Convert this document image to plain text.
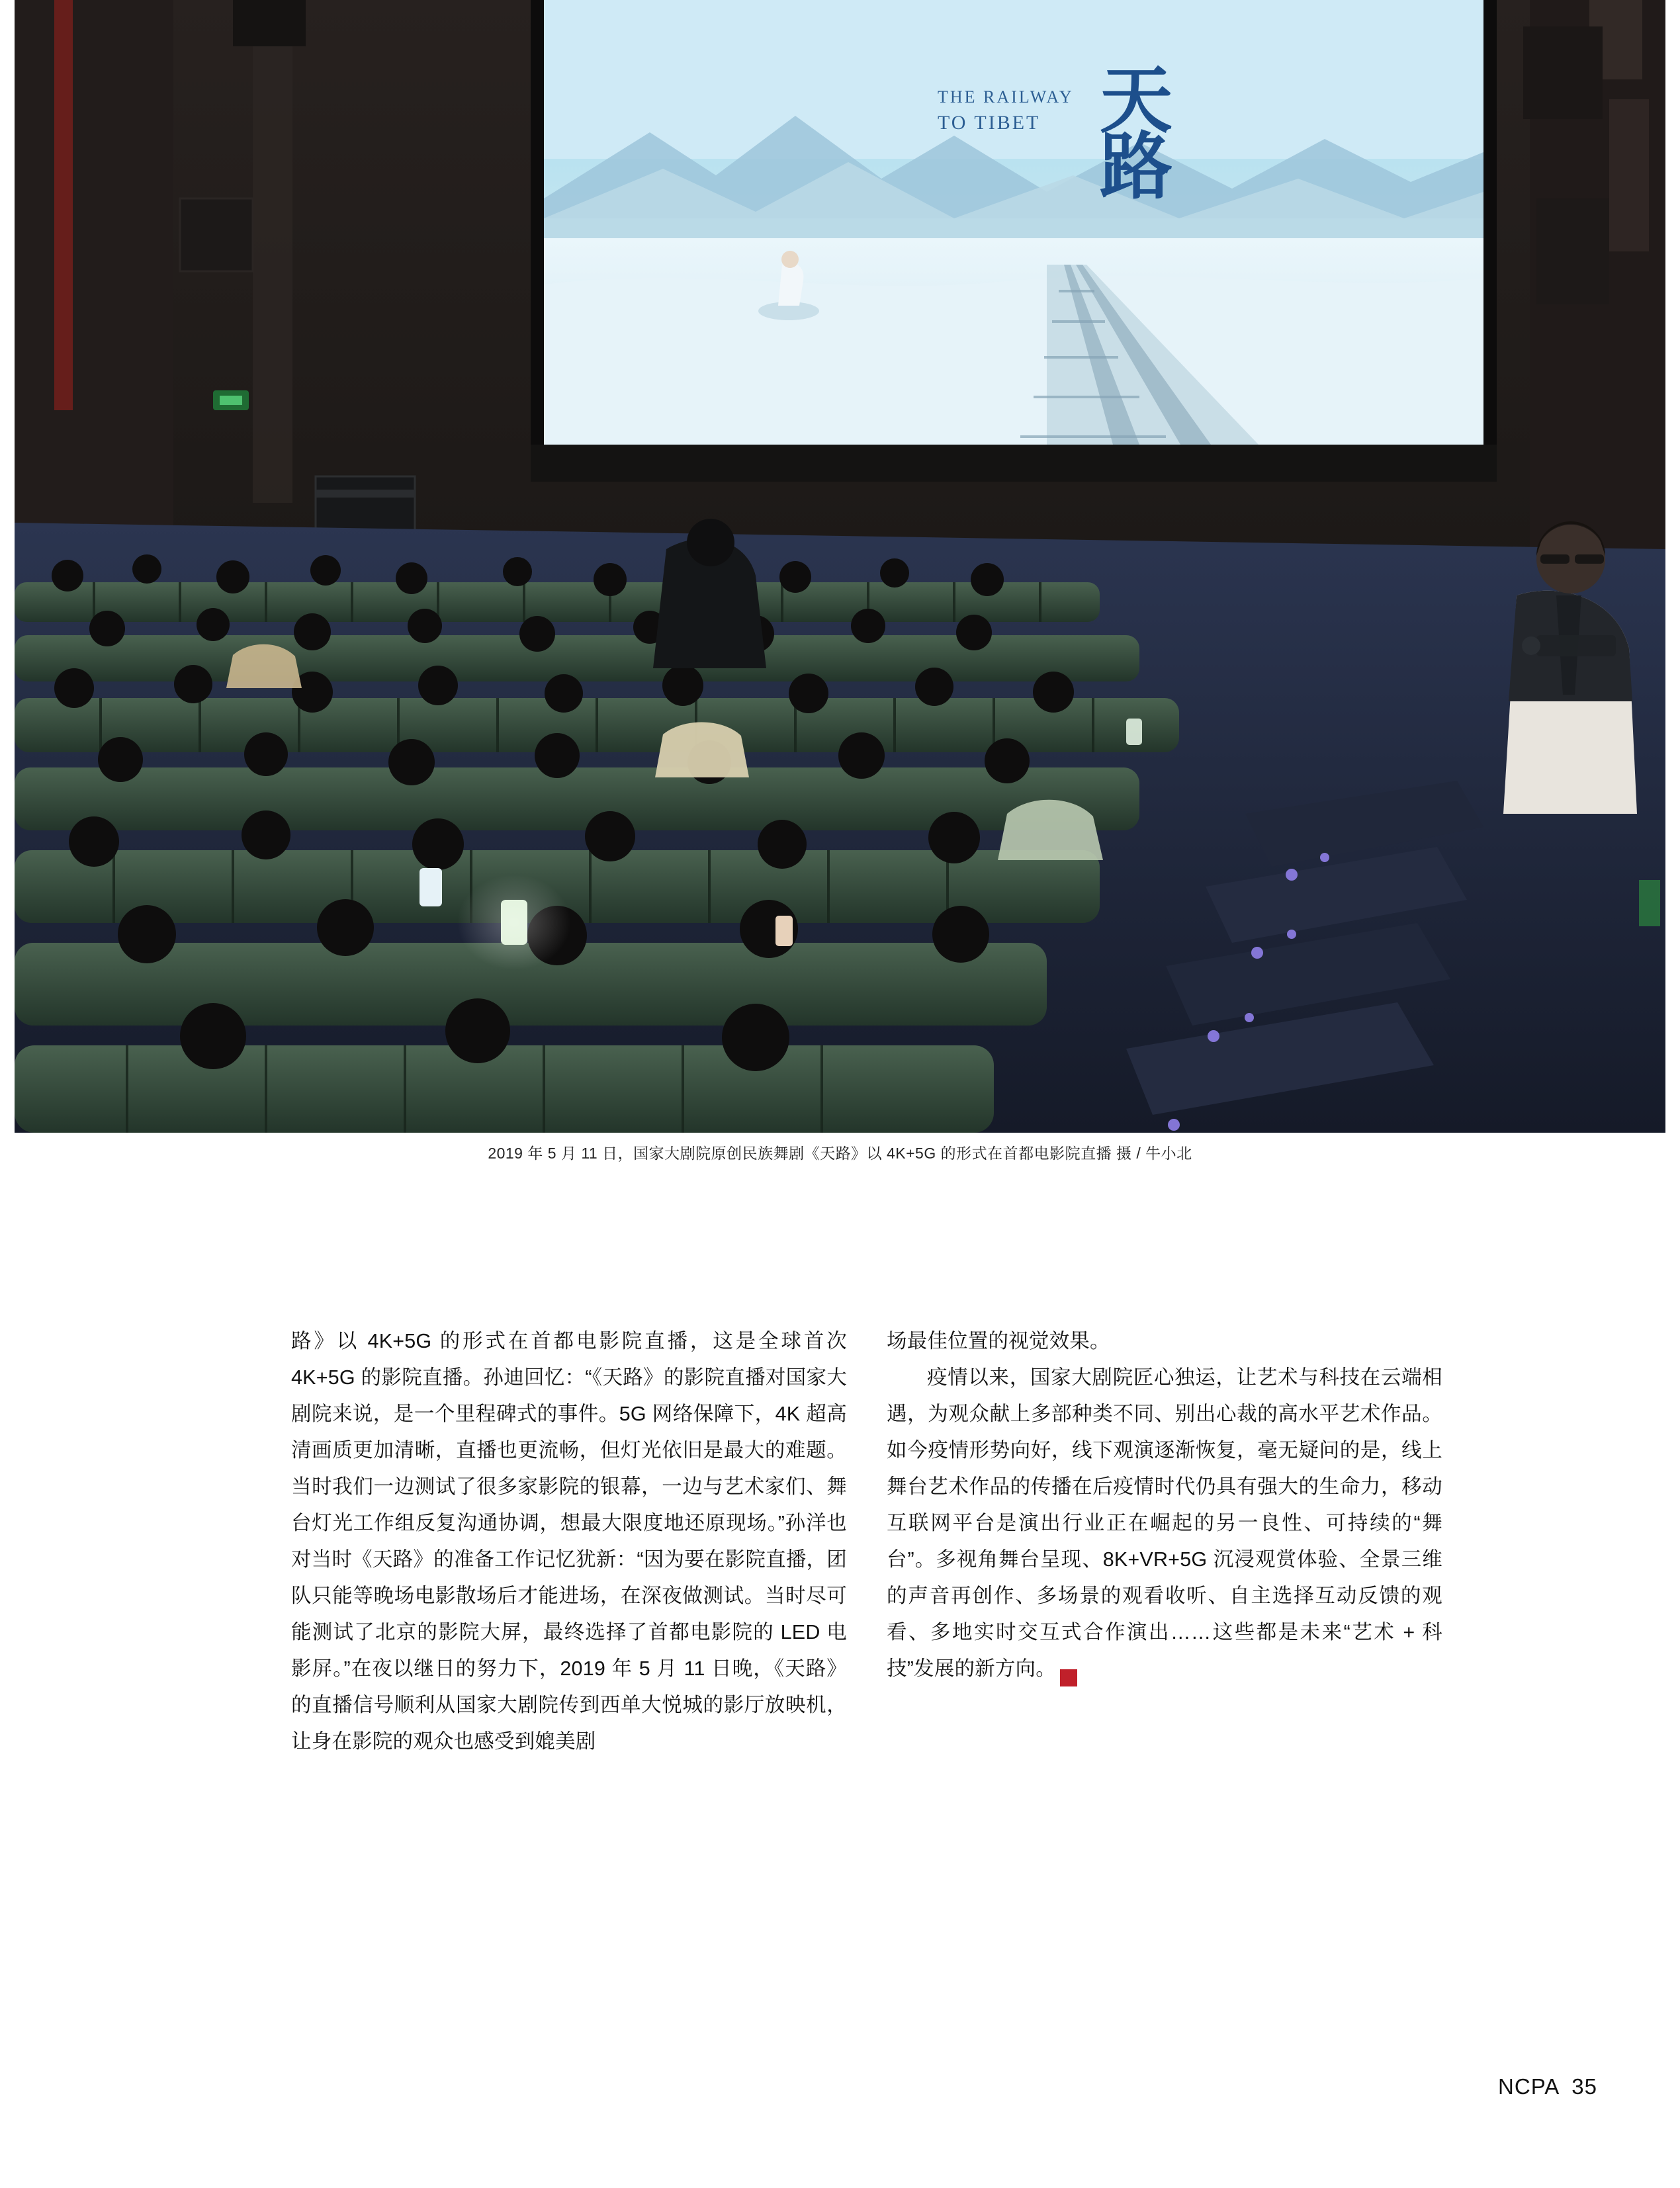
天
路
THE RAILWAY
TO TIBET
2019 年 5 月 11 日，国家大剧院原创民族舞剧《天路》以 4K+5G 的形式在首都电影院直播 摄 / 牛小北

路》以 4K+5G 的形式在首都电影院直播，这是全球首次 4K+5G 的影院直播。孙迪回忆：“《天路》的影院直播对国家大剧院来说，是一个里程碑式的事件。5G 网络保障下，4K 超高清画质更加清晰，直播也更流畅，但灯光依旧是最大的难题。当时我们一边测试了很多家影院的银幕，一边与艺术家们、舞台灯光工作组反复沟通协调，想最大限度地还原现场。”孙洋也对当时《天路》的准备工作记忆犹新：“因为要在影院直播，团队只能等晚场电影散场后才能进场，在深夜做测试。当时尽可能测试了北京的影院大屏，最终选择了首都电影院的 LED 电影屏。”在夜以继日的努力下，2019 年 5 月 11 日晚，《天路》的直播信号顺利从国家大剧院传到西单大悦城的影厅放映机，让身在影院的观众也感受到媲美剧

场最佳位置的视觉效果。

疫情以来，国家大剧院匠心独运，让艺术与科技在云端相遇，为观众献上多部种类不同、别出心裁的高水平艺术作品。如今疫情形势向好，线下观演逐渐恢复，毫无疑问的是，线上舞台艺术作品的传播在后疫情时代仍具有强大的生命力，移动互联网平台是演出行业正在崛起的另一良性、可持续的“舞台”。多视角舞台呈现、8K+VR+5G 沉浸观赏体验、全景三维的声音再创作、多场景的观看收听、自主选择互动反馈的观看、多地实时交互式合作演出……这些都是未来“艺术 + 科技”发展的新方向。	NCPA

NCPA 35
